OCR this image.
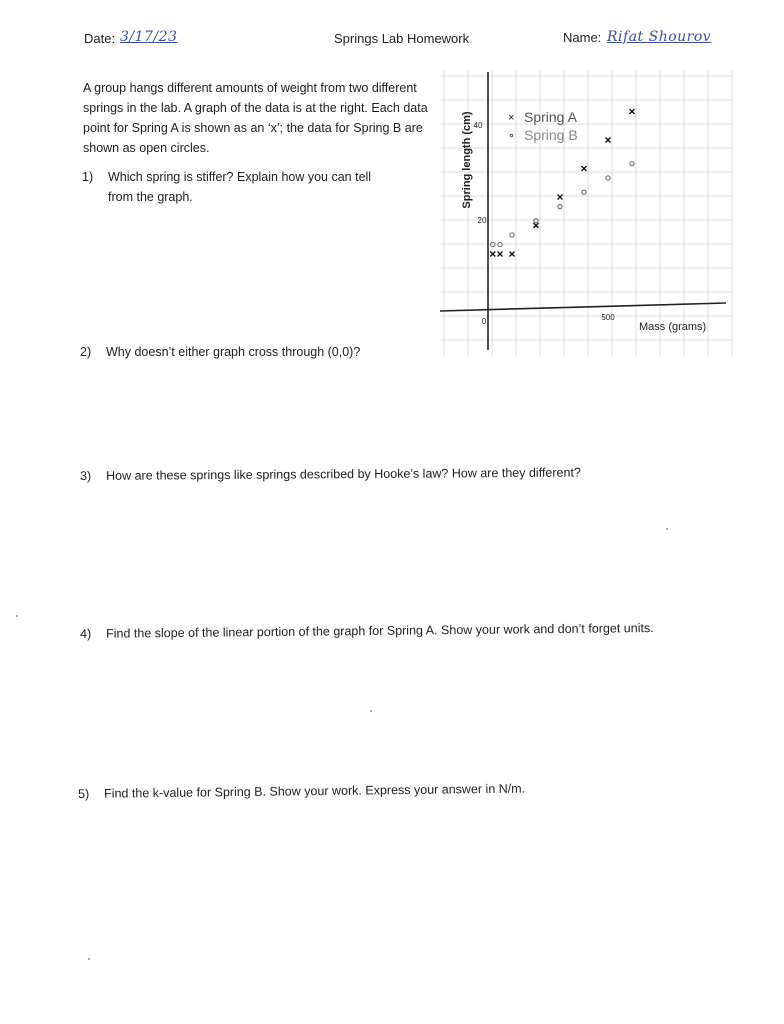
Date: 3/17/23	Springs Lab Homework	Name: Rifat Shourov
A group hangs different amounts of weight from two different springs in the lab. A graph of the data is at the right. Each data point for Spring A is shown as an ‘x’; the data for Spring B are shown as open circles.
1) Which spring is stiffer? Explain how you can tell
from the graph.
2) Why doesn’t either graph cross through (0,0)?
3) How are these springs like springs described by Hooke’s law? How are they different?
4) Find the slope of the linear portion of the graph for Spring A. Show your work and don’t forget units.
5) Find the k-value for Spring B. Show your work. Express your answer in N/m.
Spring length (cm)
Mass (grams)
40
20
0	500
× Spring A
∘ Spring B
